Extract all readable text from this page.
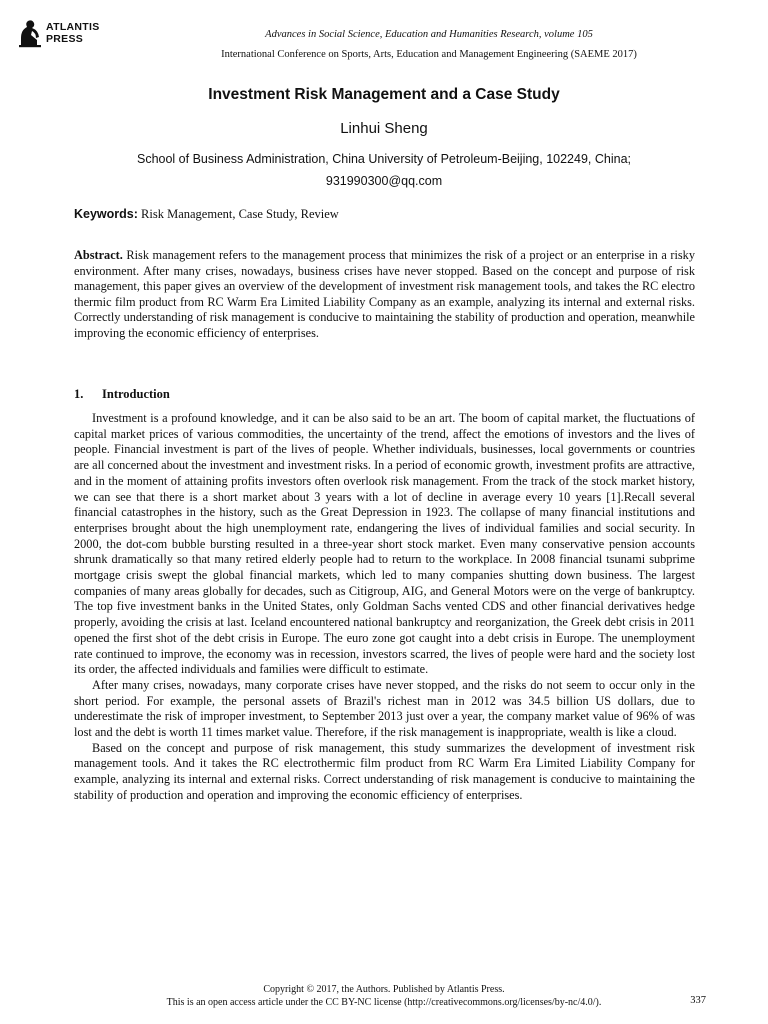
ATLANTIS
PRESS	Advances in Social Science, Education and Humanities Research, volume 105
International Conference on Sports, Arts, Education and Management Engineering (SAEME 2017)
Investment Risk Management and a Case Study
Linhui Sheng
School of Business Administration, China University of Petroleum-Beijing, 102249, China;
931990300@qq.com
Keywords: Risk Management, Case Study, Review

Abstract. Risk management refers to the management process that minimizes the risk of a project or an enterprise in a risky environment. After many crises, nowadays, business crises have never stopped. Based on the concept and purpose of risk management, this paper gives an overview of the development of investment risk management tools, and takes the RC electro thermic film product from RC Warm Era Limited Liability Company as an example, analyzing its internal and external risks. Correctly understanding of risk management is conducive to maintaining the stability of production and operation, meanwhile improving the economic efficiency of enterprises.

1. Introduction

Investment is a profound knowledge, and it can be also said to be an art. The boom of capital market, the fluctuations of capital market prices of various commodities, the uncertainty of the trend, affect the emotions of investors and the lives of people. Financial investment is part of the lives of people. Whether individuals, businesses, local governments or countries are all concerned about the investment and investment risks. In a period of economic growth, investment profits are attractive, and in the moment of attaining profits investors often overlook risk management. From the track of the stock market history, we can see that there is a short market about 3 years with a lot of decline in average every 10 years [1].Recall several financial catastrophes in the history, such as the Great Depression in 1923. The collapse of many financial institutions and enterprises brought about the high unemployment rate, endangering the lives of individual families and social security. In 2000, the dot-com bubble bursting resulted in a three-year short stock market. Even many conservative pension accounts shrunk dramatically so that many retired elderly people had to return to the workplace. In 2008 financial tsunami subprime mortgage crisis swept the global financial markets, which led to many companies shutting down business. The largest companies of many areas globally for decades, such as Citigroup, AIG, and General Motors were on the verge of bankruptcy. The top five investment banks in the United States, only Goldman Sachs vented CDS and other financial derivatives hedge properly, avoiding the crisis at last. Iceland encountered national bankruptcy and reorganization, the Greek debt crisis in 2011 opened the first shot of the debt crisis in Europe. The euro zone got caught into a debt crisis in Europe. The unemployment rate continued to improve, the economy was in recession, investors scarred, the lives of people were hard and the society lost its order, the affected individuals and families were difficult to estimate.

After many crises, nowadays, many corporate crises have never stopped, and the risks do not seem to occur only in the short period. For example, the personal assets of Brazil's richest man in 2012 was 34.5 billion US dollars, due to underestimate the risk of improper investment, to September 2013 just over a year, the company market value of 96% of was lost and the debt is worth 11 times market value. Therefore, if the risk management is inappropriate, wealth is like a cloud.

Based on the concept and purpose of risk management, this study summarizes the development of investment risk management tools. And it takes the RC electrothermic film product from RC Warm Era Limited Liability Company for example, analyzing its internal and external risks. Correct understanding of risk management is conducive to maintaining the stability of production and operation and improving the economic efficiency of enterprises.

Copyright © 2017, the Authors. Published by Atlantis Press.
This is an open access article under the CC BY-NC license (http://creativecommons.org/licenses/by-nc/4.0/).	337
